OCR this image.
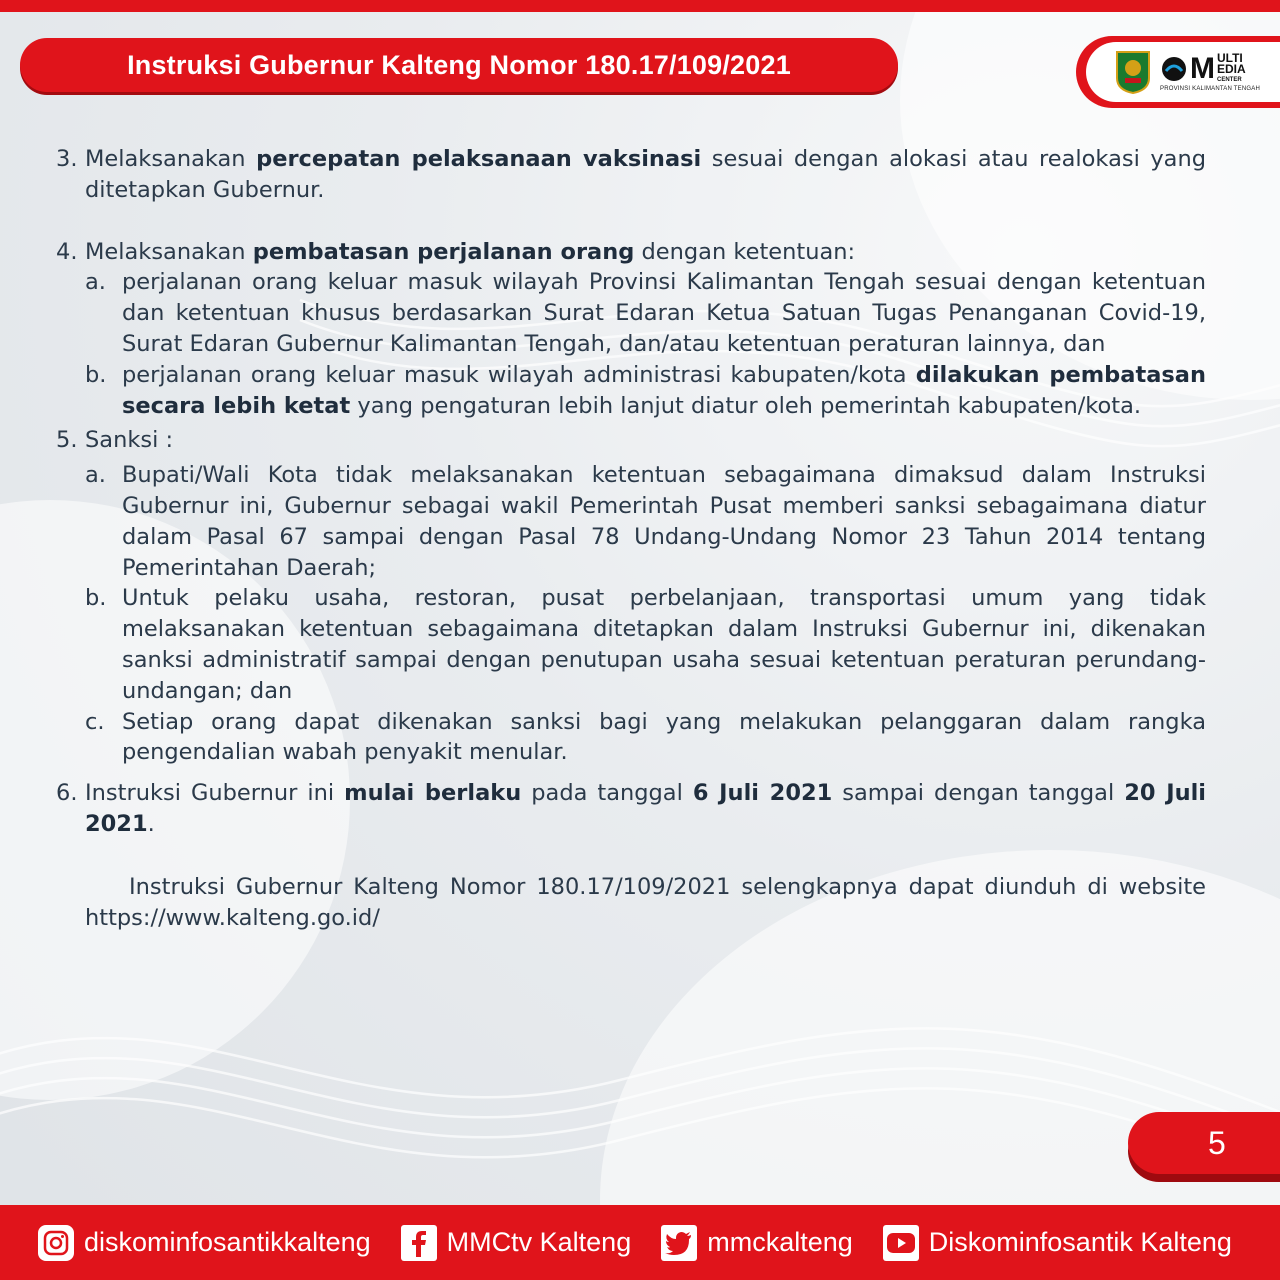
Instruksi Gubernur Kalteng Nomor 180.17/109/2021	M ULTI
EDIA
CENTER
PROVINSI KALIMANTAN TENGAH
3. Melaksanakan percepatan pelaksanaan vaksinasi sesuai dengan alokasi atau realokasi yang ditetapkan Gubernur.
4. Melaksanakan pembatasan perjalanan orang dengan ketentuan:
a. perjalanan orang keluar masuk wilayah Provinsi Kalimantan Tengah sesuai dengan ketentuan dan ketentuan khusus berdasarkan Surat Edaran Ketua Satuan Tugas Penanganan Covid-19, Surat Edaran Gubernur Kalimantan Tengah, dan/atau ketentuan peraturan lainnya, dan
b. perjalanan orang keluar masuk wilayah administrasi kabupaten/kota dilakukan pembatasan secara lebih ketat yang pengaturan lebih lanjut diatur oleh pemerintah kabupaten/kota.
5. Sanksi :
a. Bupati/Wali Kota tidak melaksanakan ketentuan sebagaimana dimaksud dalam Instruksi Gubernur ini, Gubernur sebagai wakil Pemerintah Pusat memberi sanksi sebagaimana diatur dalam Pasal 67 sampai dengan Pasal 78 Undang-Undang Nomor 23 Tahun 2014 tentang Pemerintahan Daerah;
b. Untuk pelaku usaha, restoran, pusat perbelanjaan, transportasi umum yang tidak melaksanakan ketentuan sebagaimana ditetapkan dalam Instruksi Gubernur ini, dikenakan sanksi administratif sampai dengan penutupan usaha sesuai ketentuan peraturan perundang-undangan; dan
c. Setiap orang dapat dikenakan sanksi bagi yang melakukan pelanggaran dalam rangka pengendalian wabah penyakit menular.
6. Instruksi Gubernur ini mulai berlaku pada tanggal 6 Juli 2021 sampai dengan tanggal 20 Juli 2021.
Instruksi Gubernur Kalteng Nomor 180.17/109/2021 selengkapnya dapat diunduh di website https://www.kalteng.go.id/
5
diskominfosantikkalteng	MMCtv Kalteng	mmckalteng	Diskominfosantik Kalteng
